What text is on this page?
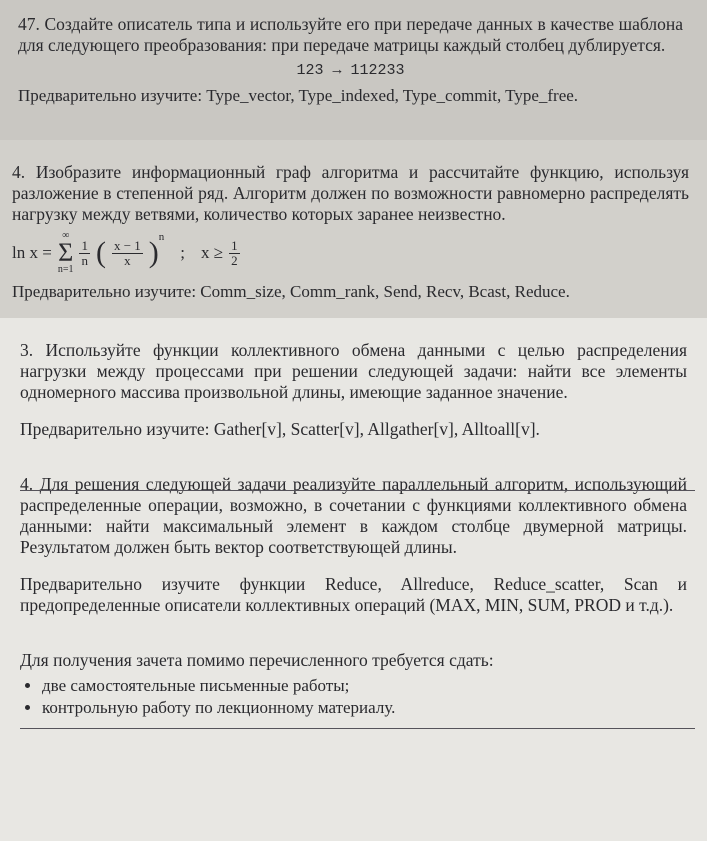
47. Создайте описатель типа и используйте его при передаче данных в качестве шаблона для следующего преобразования: при передаче матрицы каждый столбец дублируется.

123 → 112233

Предварительно изучите: Type_vector, Type_indexed, Type_commit, Type_free.

4. Изобразите информационный граф алгоритма и рассчитайте функцию, используя разложение в степенной ряд. Алгоритм должен по возможности равномерно распределять нагрузку между ветвями, количество которых заранее неизвестно.

ln x =
∞
Σ
n=1
$\frac{1}{n}$ ( $\frac{x - 1}{x} )^n$
; $x \ge \frac{1}{2}$

Предварительно изучите: Comm_size, Comm_rank, Send, Recv, Bcast, Reduce.

3. Используйте функции коллективного обмена данными с целью распределения нагрузки между процессами при решении следующей задачи: найти все элементы одномерного массива произвольной длины, имеющие заданное значение.

Предварительно изучите: Gather[v], Scatter[v], Allgather[v], Alltoall[v].

4. Для решения следующей задачи реализуйте параллельный алгоритм, использующий распределенные операции, возможно, в сочетании с функциями коллективного обмена данными: найти максимальный элемент в каждом столбце двумерной матрицы. Результатом должен быть вектор соответствующей длины.

Предварительно изучите функции Reduce, Allreduce, Reduce_scatter, Scan и предопределенные описатели коллективных операций (MAX, MIN, SUM, PROD и т.д.).

Для получения зачета помимо перечисленного требуется сдать:

• две самостоятельные письменные работы;
• контрольную работу по лекционному материалу.
